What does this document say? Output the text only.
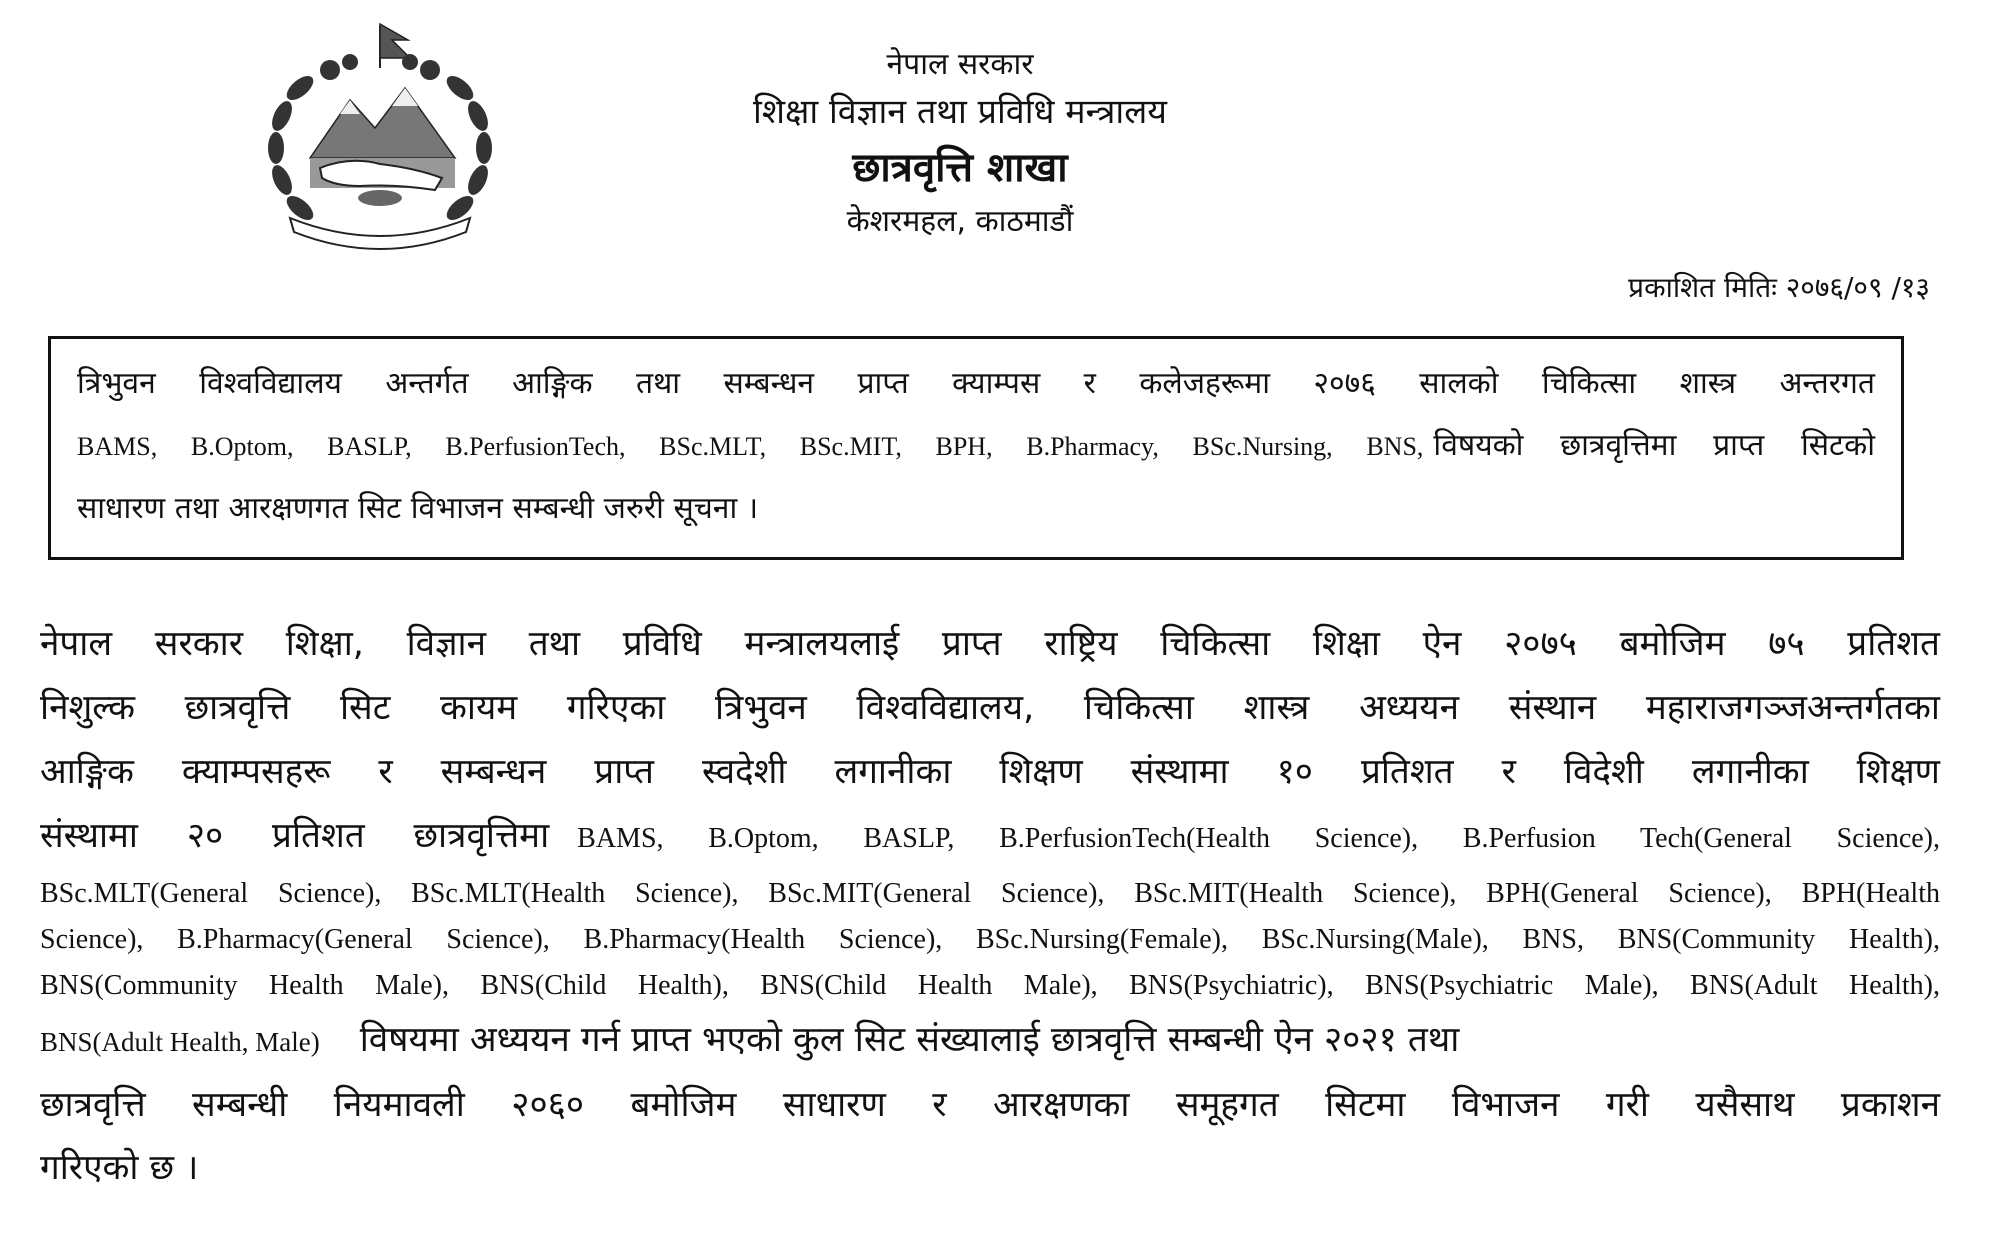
नेपाल सरकार
शिक्षा विज्ञान तथा प्रविधि मन्त्रालय
छात्रवृत्ति शाखा
केशरमहल, काठमाडौं
प्रकाशित मितिः २०७६/०९ /१३
त्रिभुवन विश्वविद्यालय अन्तर्गत आङ्गिक तथा सम्बन्धन प्राप्त क्याम्पस र कलेजहरूमा २०७६ सालको चिकित्सा शास्त्र अन्तरगत
BAMS, B.Optom, BASLP, B.PerfusionTech, BSc.MLT, BSc.MIT, BPH, B.Pharmacy, BSc.Nursing, BNS, विषयको छात्रवृत्तिमा प्राप्त सिटको
साधारण तथा आरक्षणगत सिट विभाजन सम्बन्धी जरुरी सूचना ।
नेपाल सरकार शिक्षा, विज्ञान तथा प्रविधि मन्त्रालयलाई प्राप्त राष्ट्रिय चिकित्सा शिक्षा ऐन २०७५ बमोजिम ७५ प्रतिशत
निशुल्क छात्रवृत्ति सिट कायम गरिएका त्रिभुवन विश्वविद्यालय, चिकित्सा शास्त्र अध्ययन संस्थान महाराजगञ्जअन्तर्गतका
आङ्गिक क्याम्पसहरू र सम्बन्धन प्राप्त स्वदेशी लगानीका शिक्षण संस्थामा १० प्रतिशत र विदेशी लगानीका शिक्षण
संस्थामा २० प्रतिशत छात्रवृत्तिमा BAMS, B.Optom, BASLP, B.PerfusionTech(Health Science), B.Perfusion Tech(General Science),
BSc.MLT(General Science), BSc.MLT(Health Science), BSc.MIT(General Science), BSc.MIT(Health Science), BPH(General Science), BPH(Health
Science), B.Pharmacy(General Science), B.Pharmacy(Health Science), BSc.Nursing(Female), BSc.Nursing(Male), BNS, BNS(Community Health),
BNS(Community Health Male), BNS(Child Health), BNS(Child Health Male), BNS(Psychiatric), BNS(Psychiatric Male), BNS(Adult Health),
BNS(Adult Health, Male) विषयमा अध्ययन गर्न प्राप्त भएको कुल सिट संख्यालाई छात्रवृत्ति सम्बन्धी ऐन २०२१ तथा
छात्रवृत्ति सम्बन्धी नियमावली २०६० बमोजिम साधारण र आरक्षणका समूहगत सिटमा विभाजन गरी यसैसाथ प्रकाशन
गरिएको छ ।
